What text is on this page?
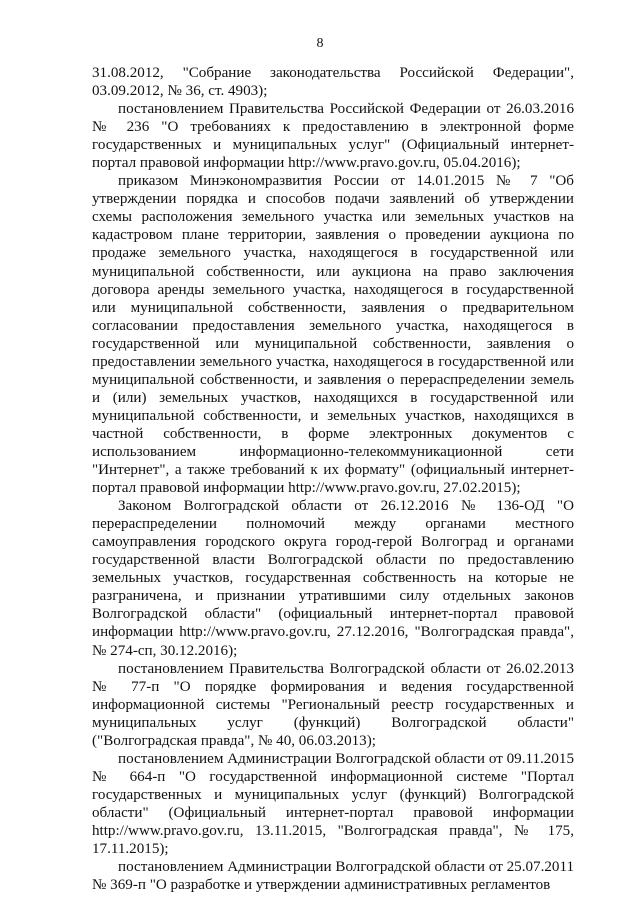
8

31.08.2012, "Собрание законодательства Российской Федерации", 03.09.2012, № 36, ст. 4903);

постановлением Правительства Российской Федерации от 26.03.2016 № 236 "О требованиях к предоставлению в электронной форме государственных и муниципальных услуг" (Официальный интернет-портал правовой информации http://www.pravo.gov.ru, 05.04.2016);

приказом Минэкономразвития России от 14.01.2015 № 7 "Об утверждении порядка и способов подачи заявлений об утверждении схемы расположения земельного участка или земельных участков на кадастровом плане территории, заявления о проведении аукциона по продаже земельного участка, находящегося в государственной или муниципальной собственности, или аукциона на право заключения договора аренды земельного участка, находящегося в государственной или муниципальной собственности, заявления о предварительном согласовании предоставления земельного участка, находящегося в государственной или муниципальной собственности, заявления о предоставлении земельного участка, находящегося в государственной или муниципальной собственности, и заявления о перераспределении земель и (или) земельных участков, находящихся в государственной или муниципальной собственности, и земельных участков, находящихся в частной собственности, в форме электронных документов с использованием информационно-телекоммуникационной сети "Интернет", а также требований к их формату" (официальный интернет-портал правовой информации http://www.pravo.gov.ru, 27.02.2015);

Законом Волгоградской области от 26.12.2016 № 136-ОД "О перераспределении полномочий между органами местного самоуправления городского округа город-герой Волгоград и органами государственной власти Волгоградской области по предоставлению земельных участков, государственная собственность на которые не разграничена, и признании утратившими силу отдельных законов Волгоградской области" (официальный интернет-портал правовой информации http://www.pravo.gov.ru, 27.12.2016, "Волгоградская правда", № 274-сп, 30.12.2016);

постановлением Правительства Волгоградской области от 26.02.2013 № 77-п "О порядке формирования и ведения государственной информационной системы "Региональный реестр государственных и муниципальных услуг (функций) Волгоградской области" ("Волгоградская правда", № 40, 06.03.2013);

постановлением Администрации Волгоградской области от 09.11.2015 № 664-п "О государственной информационной системе "Портал государственных и муниципальных услуг (функций) Волгоградской области" (Официальный интернет-портал правовой информации http://www.pravo.gov.ru, 13.11.2015, "Волгоградская правда", № 175, 17.11.2015);

постановлением Администрации Волгоградской области от 25.07.2011 № 369-п "О разработке и утверждении административных регламентов
